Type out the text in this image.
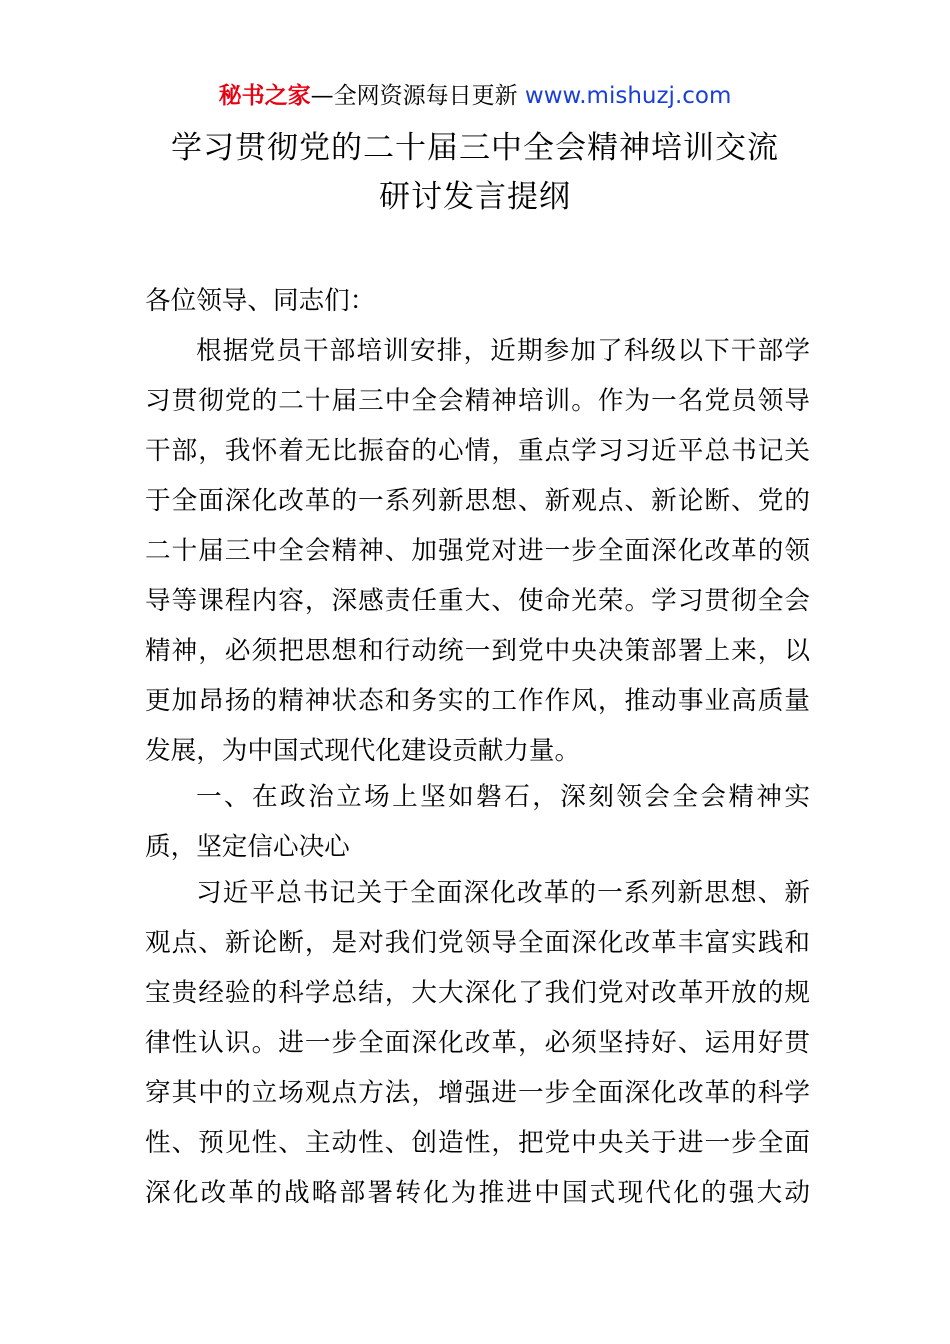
秘书之家—全网资源每日更新 www.mishuzj.com
学习贯彻党的二十届三中全会精神培训交流
研讨发言提纲
各位领导、同志们：
根据党员干部培训安排，近期参加了科级以下干部学
习贯彻党的二十届三中全会精神培训。作为一名党员领导
干部，我怀着无比振奋的心情，重点学习习近平总书记关
于全面深化改革的一系列新思想、新观点、新论断、党的
二十届三中全会精神、加强党对进一步全面深化改革的领
导等课程内容，深感责任重大、使命光荣。学习贯彻全会
精神，必须把思想和行动统一到党中央决策部署上来，以
更加昂扬的精神状态和务实的工作作风，推动事业高质量
发展，为中国式现代化建设贡献力量。
一、在政治立场上坚如磐石，深刻领会全会精神实
质，坚定信心决心
习近平总书记关于全面深化改革的一系列新思想、新
观点、新论断，是对我们党领导全面深化改革丰富实践和
宝贵经验的科学总结，大大深化了我们党对改革开放的规
律性认识。进一步全面深化改革，必须坚持好、运用好贯
穿其中的立场观点方法，增强进一步全面深化改革的科学
性、预见性、主动性、创造性，把党中央关于进一步全面
深化改革的战略部署转化为推进中国式现代化的强大动
